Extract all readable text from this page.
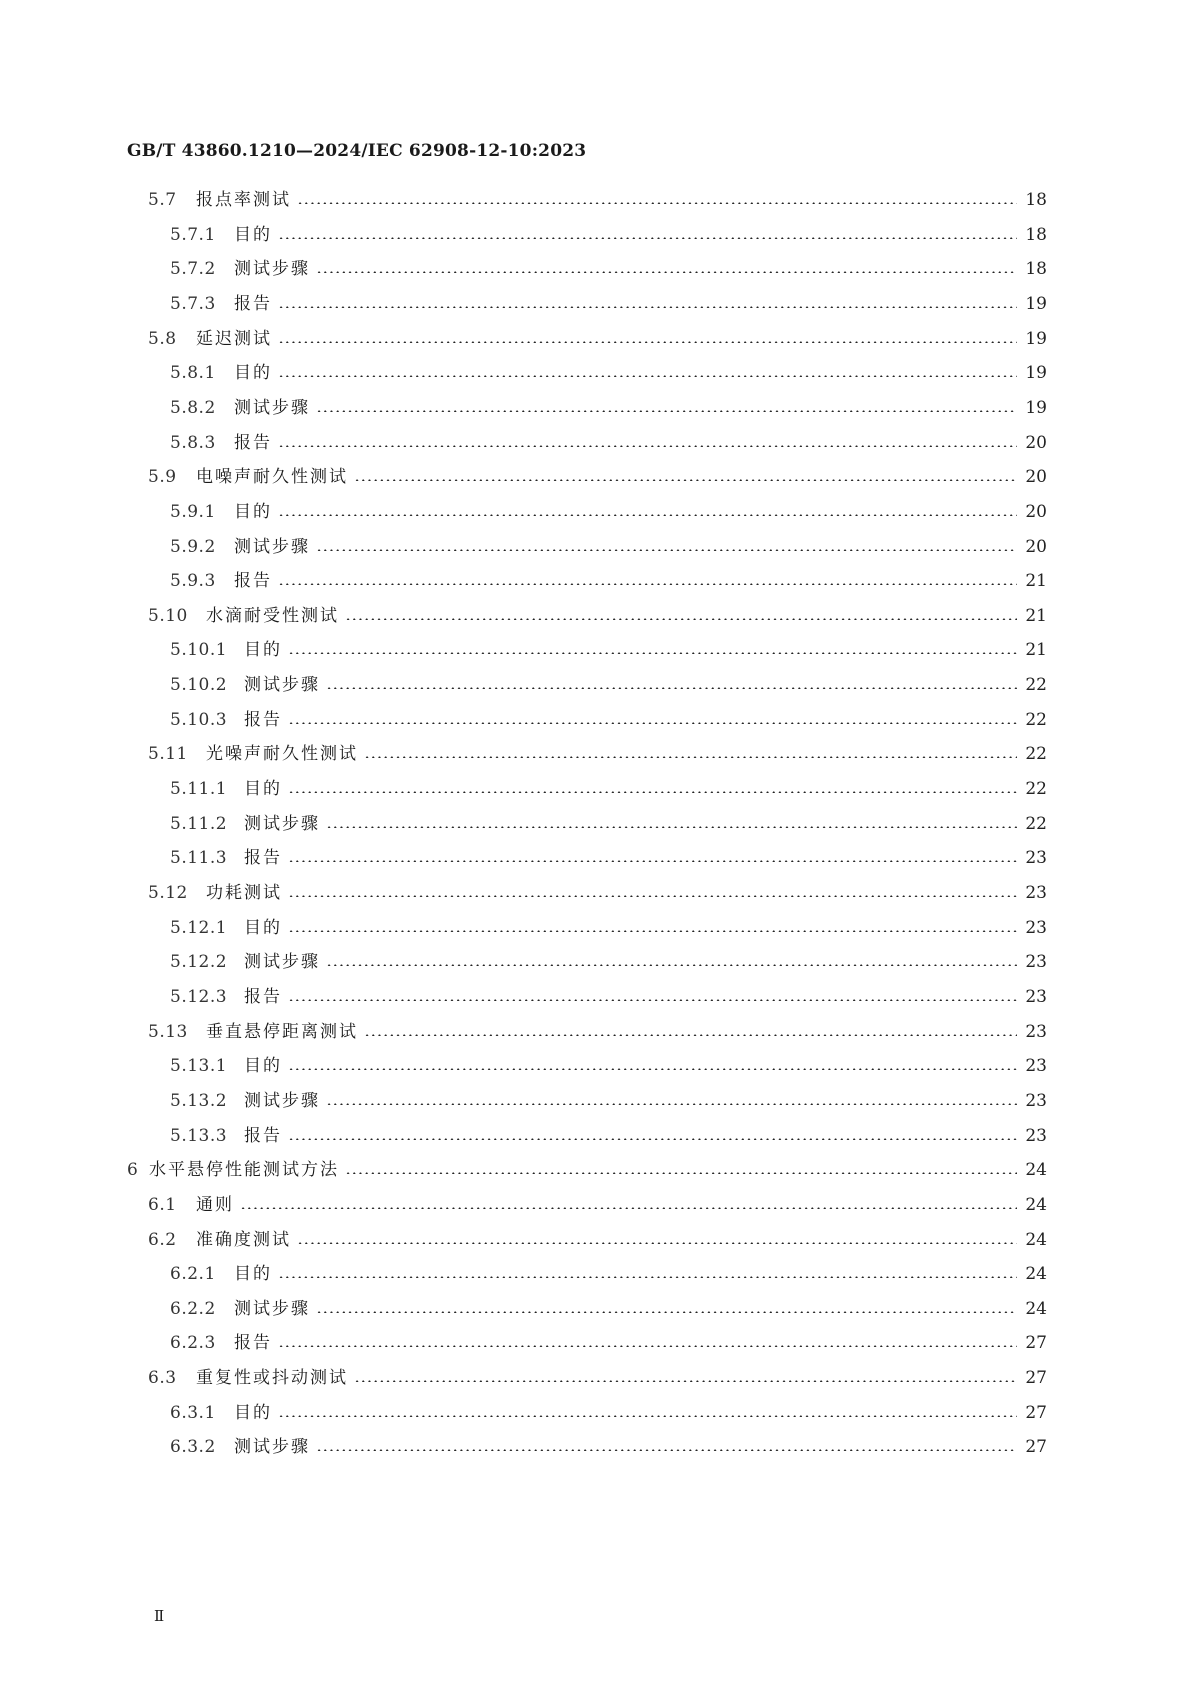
GB/T 43860.1210—2024/IEC 62908-12-10:2023
5.7	报点率测试	18
5.7.1	目的	18
5.7.2	测试步骤	18
5.7.3	报告	19
5.8	延迟测试	19
5.8.1	目的	19
5.8.2	测试步骤	19
5.8.3	报告	20
5.9	电噪声耐久性测试	20
5.9.1	目的	20
5.9.2	测试步骤	20
5.9.3	报告	21
5.10	水滴耐受性测试	21
5.10.1 目的	21
5.10.2 测试步骤	22
5.10.3 报告	22
5.11	光噪声耐久性测试	22
5.11.1 目的	22
5.11.2 测试步骤	22
5.11.3 报告	23
5.12	功耗测试	23
5.12.1 目的	23
5.12.2 测试步骤	23
5.12.3 报告	23
5.13	垂直悬停距离测试	23
5.13.1 目的	23
5.13.2 测试步骤	23
5.13.3 报告	23
6 水平悬停性能测试方法	24
6.1	通则	24
6.2	准确度测试	24
6.2.1	目的	24
6.2.2	测试步骤	24
6.2.3	报告	27
6.3	重复性或抖动测试	27
6.3.1	目的	27
6.3.2	测试步骤	27
Ⅱ
